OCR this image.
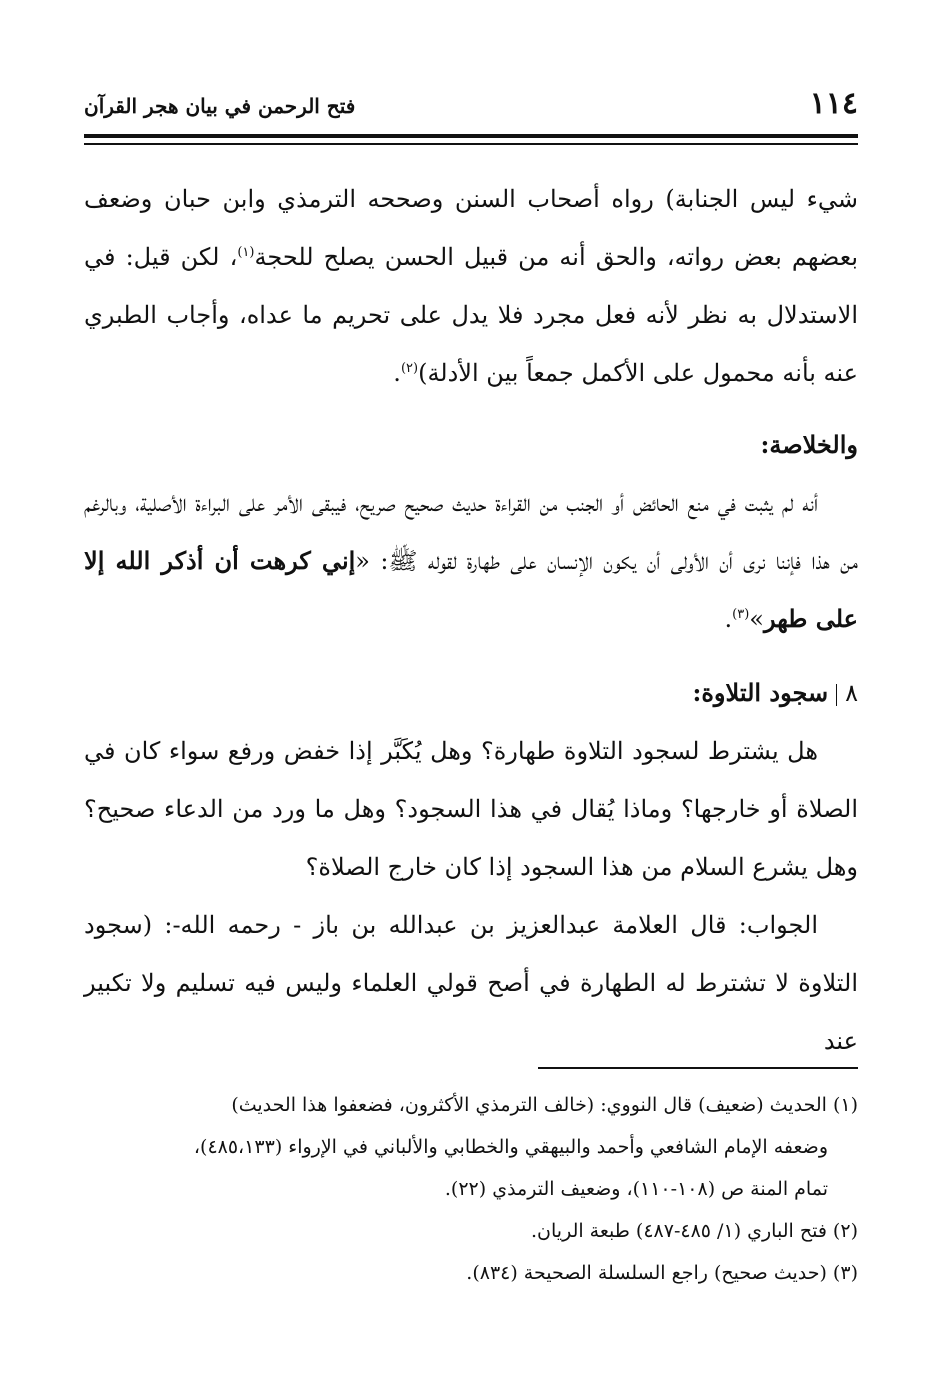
١١٤
فتح الرحمن في بيان هجر القرآن

شيء ليس الجنابة) رواه أصحاب السنن وصححه الترمذي وابن حبان وضعف بعضهم بعض رواته، والحق أنه من قبيل الحسن يصلح للحجة$^{(١)}$، لكن قيل: في الاستدلال به نظر لأنه فعل مجرد فلا يدل على تحريم ما عداه، وأجاب الطبري عنه بأنه محمول على الأكمل جمعاً بين الأدلة)$^{(٢)}$.

والخلاصة:

أنه لم يثبت في منع الحائض أو الجنب من القراءة حديث صحيح صريح، فيبقى الأمر على البراءة الأصلية، وبالرغم من هذا فإننا نرى أن الأولى أن يكون الإنسان على طهارة لقوله ﷺ: «إني كرهت أن أذكر الله إلا على طهر»$^{(٣)}$.

٨سجود التلاوة:

هل يشترط لسجود التلاوة طهارة؟ وهل يُكَبَّر إذا خفض ورفع سواء كان في الصلاة أو خارجها؟ وماذا يُقال في هذا السجود؟ وهل ما ورد من الدعاء صحيح؟ وهل يشرع السلام من هذا السجود إذا كان خارج الصلاة؟

الجواب: قال العلامة عبدالعزيز بن عبدالله بن باز - رحمه الله-: (سجود التلاوة لا تشترط له الطهارة في أصح قولي العلماء وليس فيه تسليم ولا تكبير عند

(١) الحديث (ضعيف) قال النووي: (خالف الترمذي الأكثرون، فضعفوا هذا الحديث)

وضعفه الإمام الشافعي وأحمد والبيهقي والخطابي والألباني في الإرواء (٤٨٥،١٣٣)،

تمام المنة ص (١٠٨-١١٠)، وضعيف الترمذي (٢٢).

(٢) فتح الباري (١/ ٤٨٥-٤٨٧) طبعة الريان.

(٣) (حديث صحيح) راجع السلسلة الصحيحة (٨٣٤).
